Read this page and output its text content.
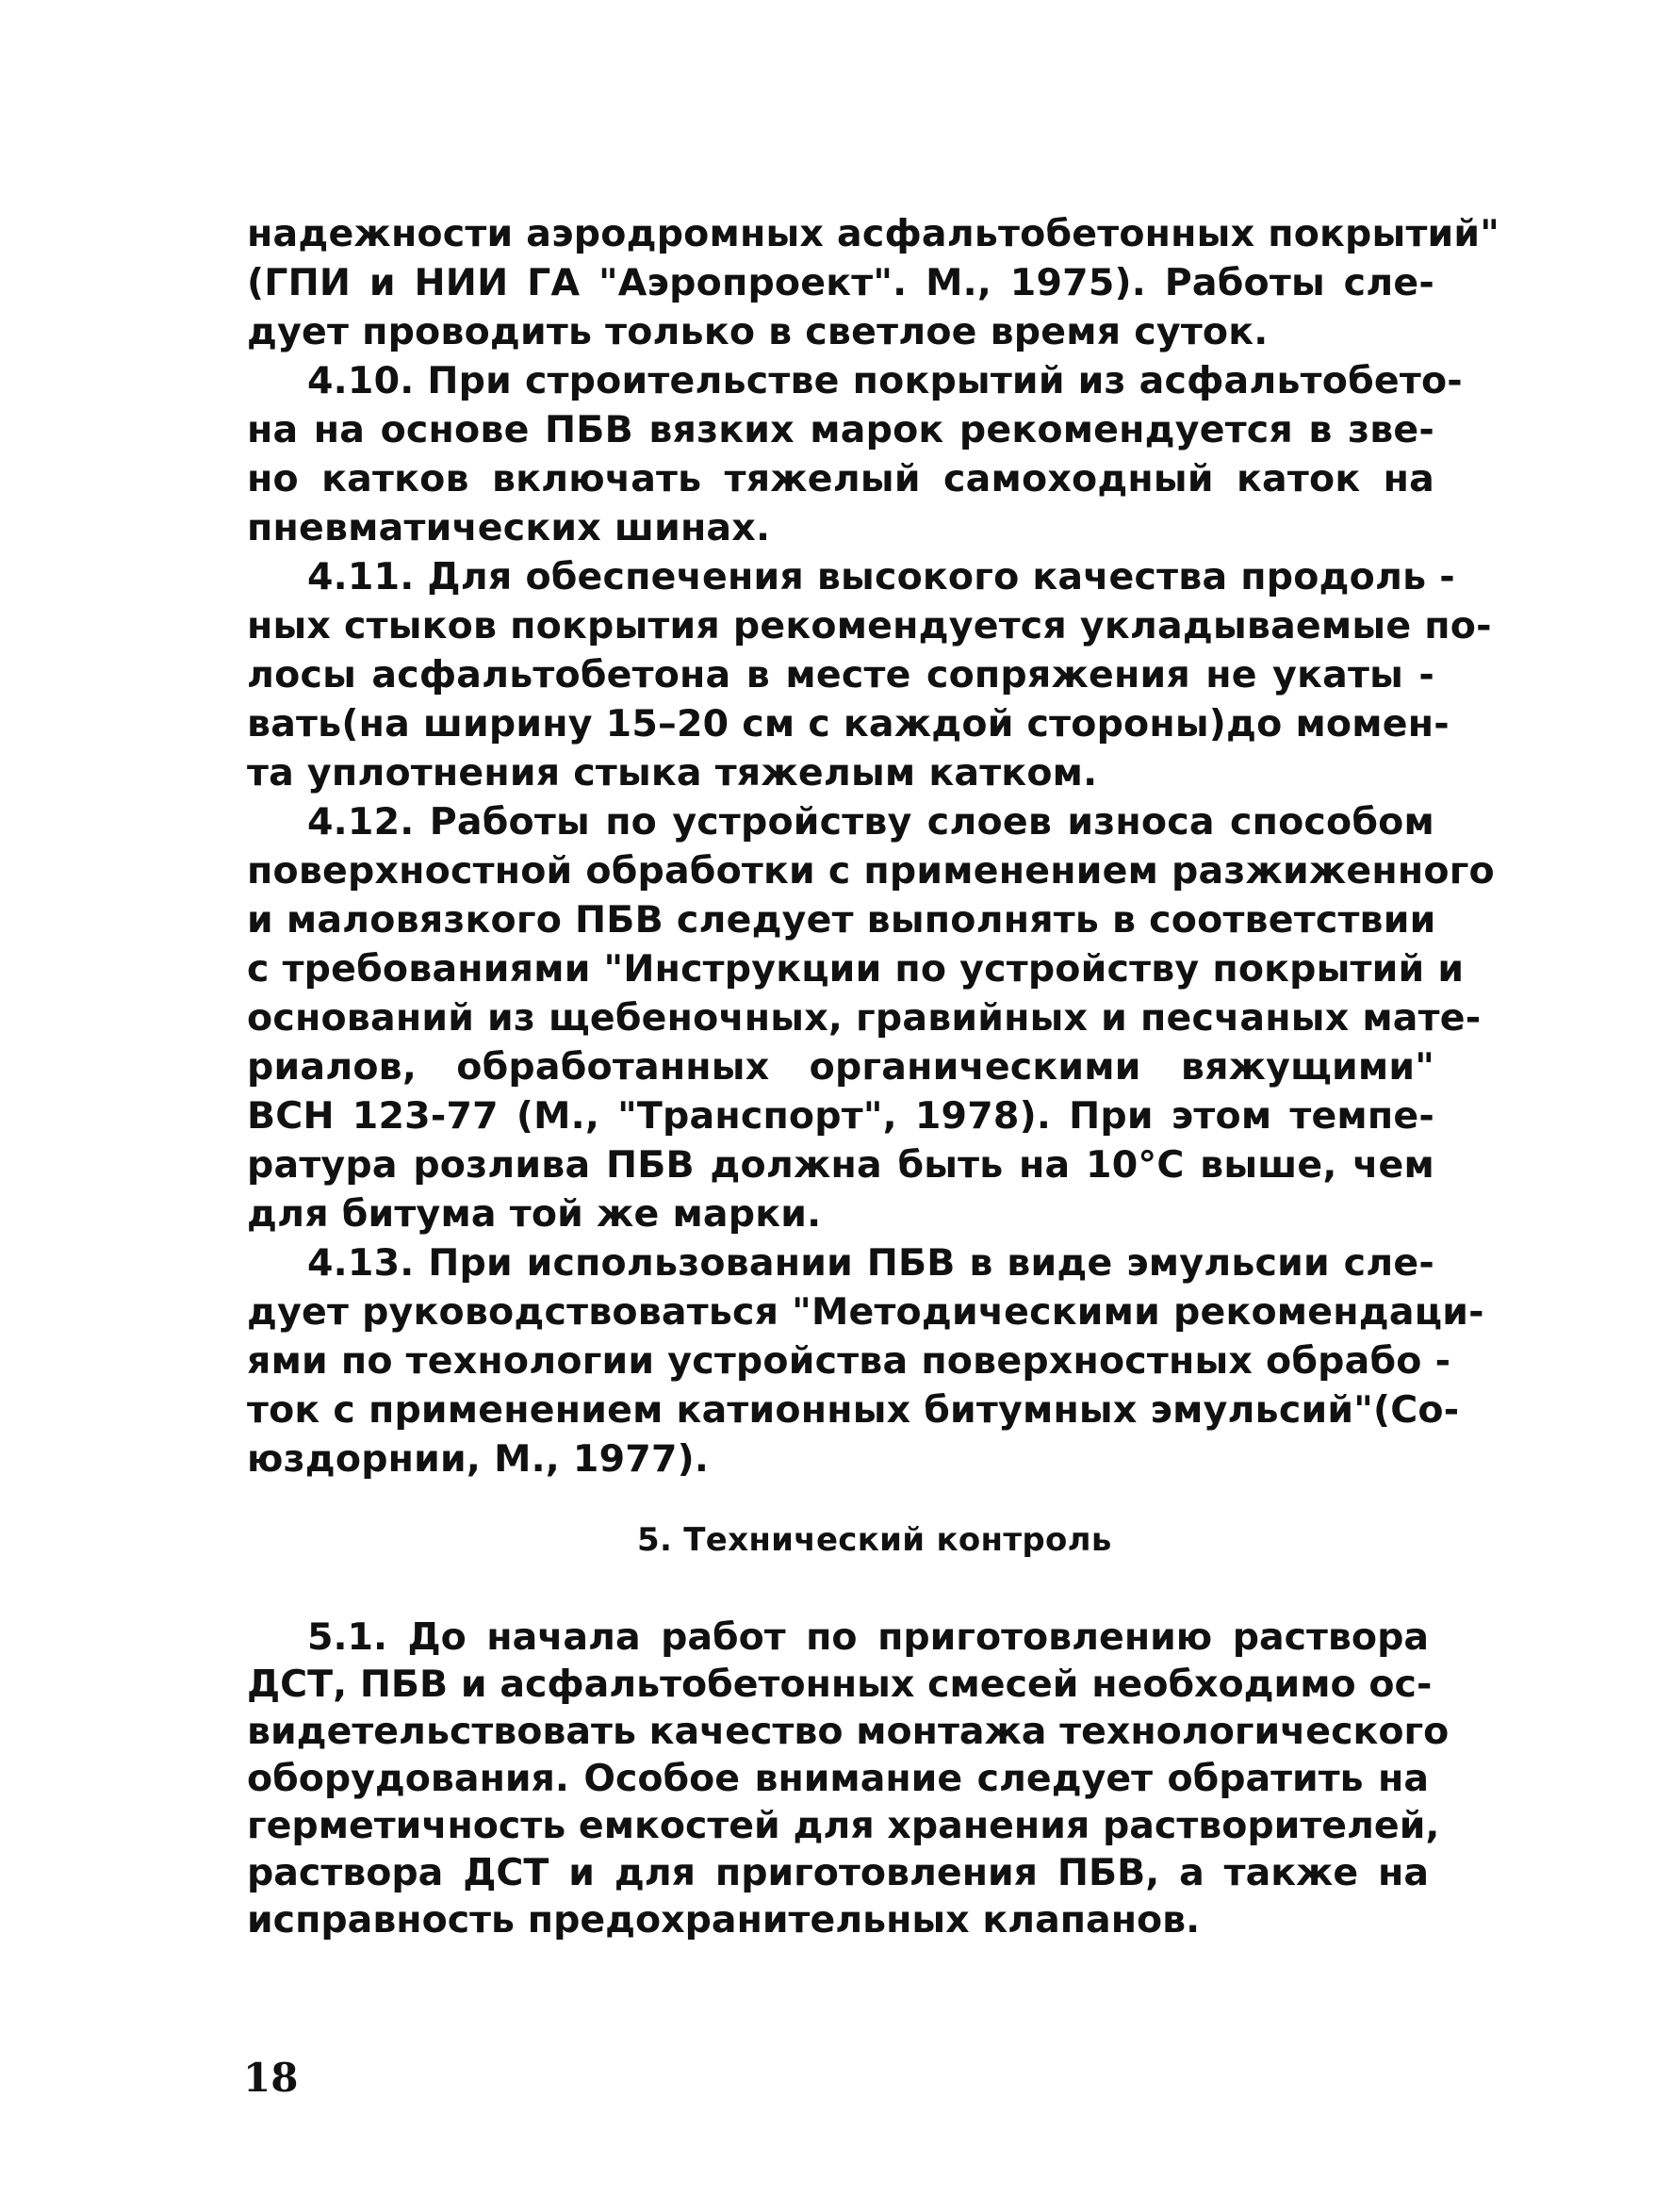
надежности аэродромных асфальтобетонных покрытий"
(ГПИ и НИИ ГА "Аэропроект". М., 1975). Работы сле-
дует проводить только в светлое время суток.

4.10. При строительстве покрытий из асфальтобето-
на на основе ПБВ вязких марок рекомендуется в зве-
но катков включать тяжелый самоходный каток на
пневматических шинах.

4.11. Для обеспечения высокого качества продоль -
ных стыков покрытия рекомендуется укладываемые по-
лосы асфальтобетона в месте сопряжения не укаты -
вать(на ширину 15–20 см с каждой стороны)до момен-
та уплотнения стыка тяжелым катком.

4.12. Работы по устройству слоев износа способом
поверхностной обработки с применением разжиженного
и маловязкого ПБВ следует выполнять в соответствии
с требованиями "Инструкции по устройству покрытий и
оснований из щебеночных, гравийных и песчаных мате-
риалов, обработанных органическими вяжущими"
ВСН 123-77 (М., "Транспорт", 1978). При этом темпе-
ратура розлива ПБВ должна быть на 10°С выше, чем
для битума той же марки.

4.13. При использовании ПБВ в виде эмульсии сле-
дует руководствоваться "Методическими рекомендаци-
ями по технологии устройства поверхностных обрабо -
ток с применением катионных битумных эмульсий"(Со-
юздорнии, М., 1977).

5. Технический контроль

5.1. До начала работ по приготовлению раствора
ДСТ, ПБВ и асфальтобетонных смесей необходимо ос-
видетельствовать качество монтажа технологического
оборудования. Особое внимание следует обратить на
герметичность емкостей для хранения растворителей,
раствора ДСТ и для приготовления ПБВ, а также на
исправность предохранительных клапанов.

18
